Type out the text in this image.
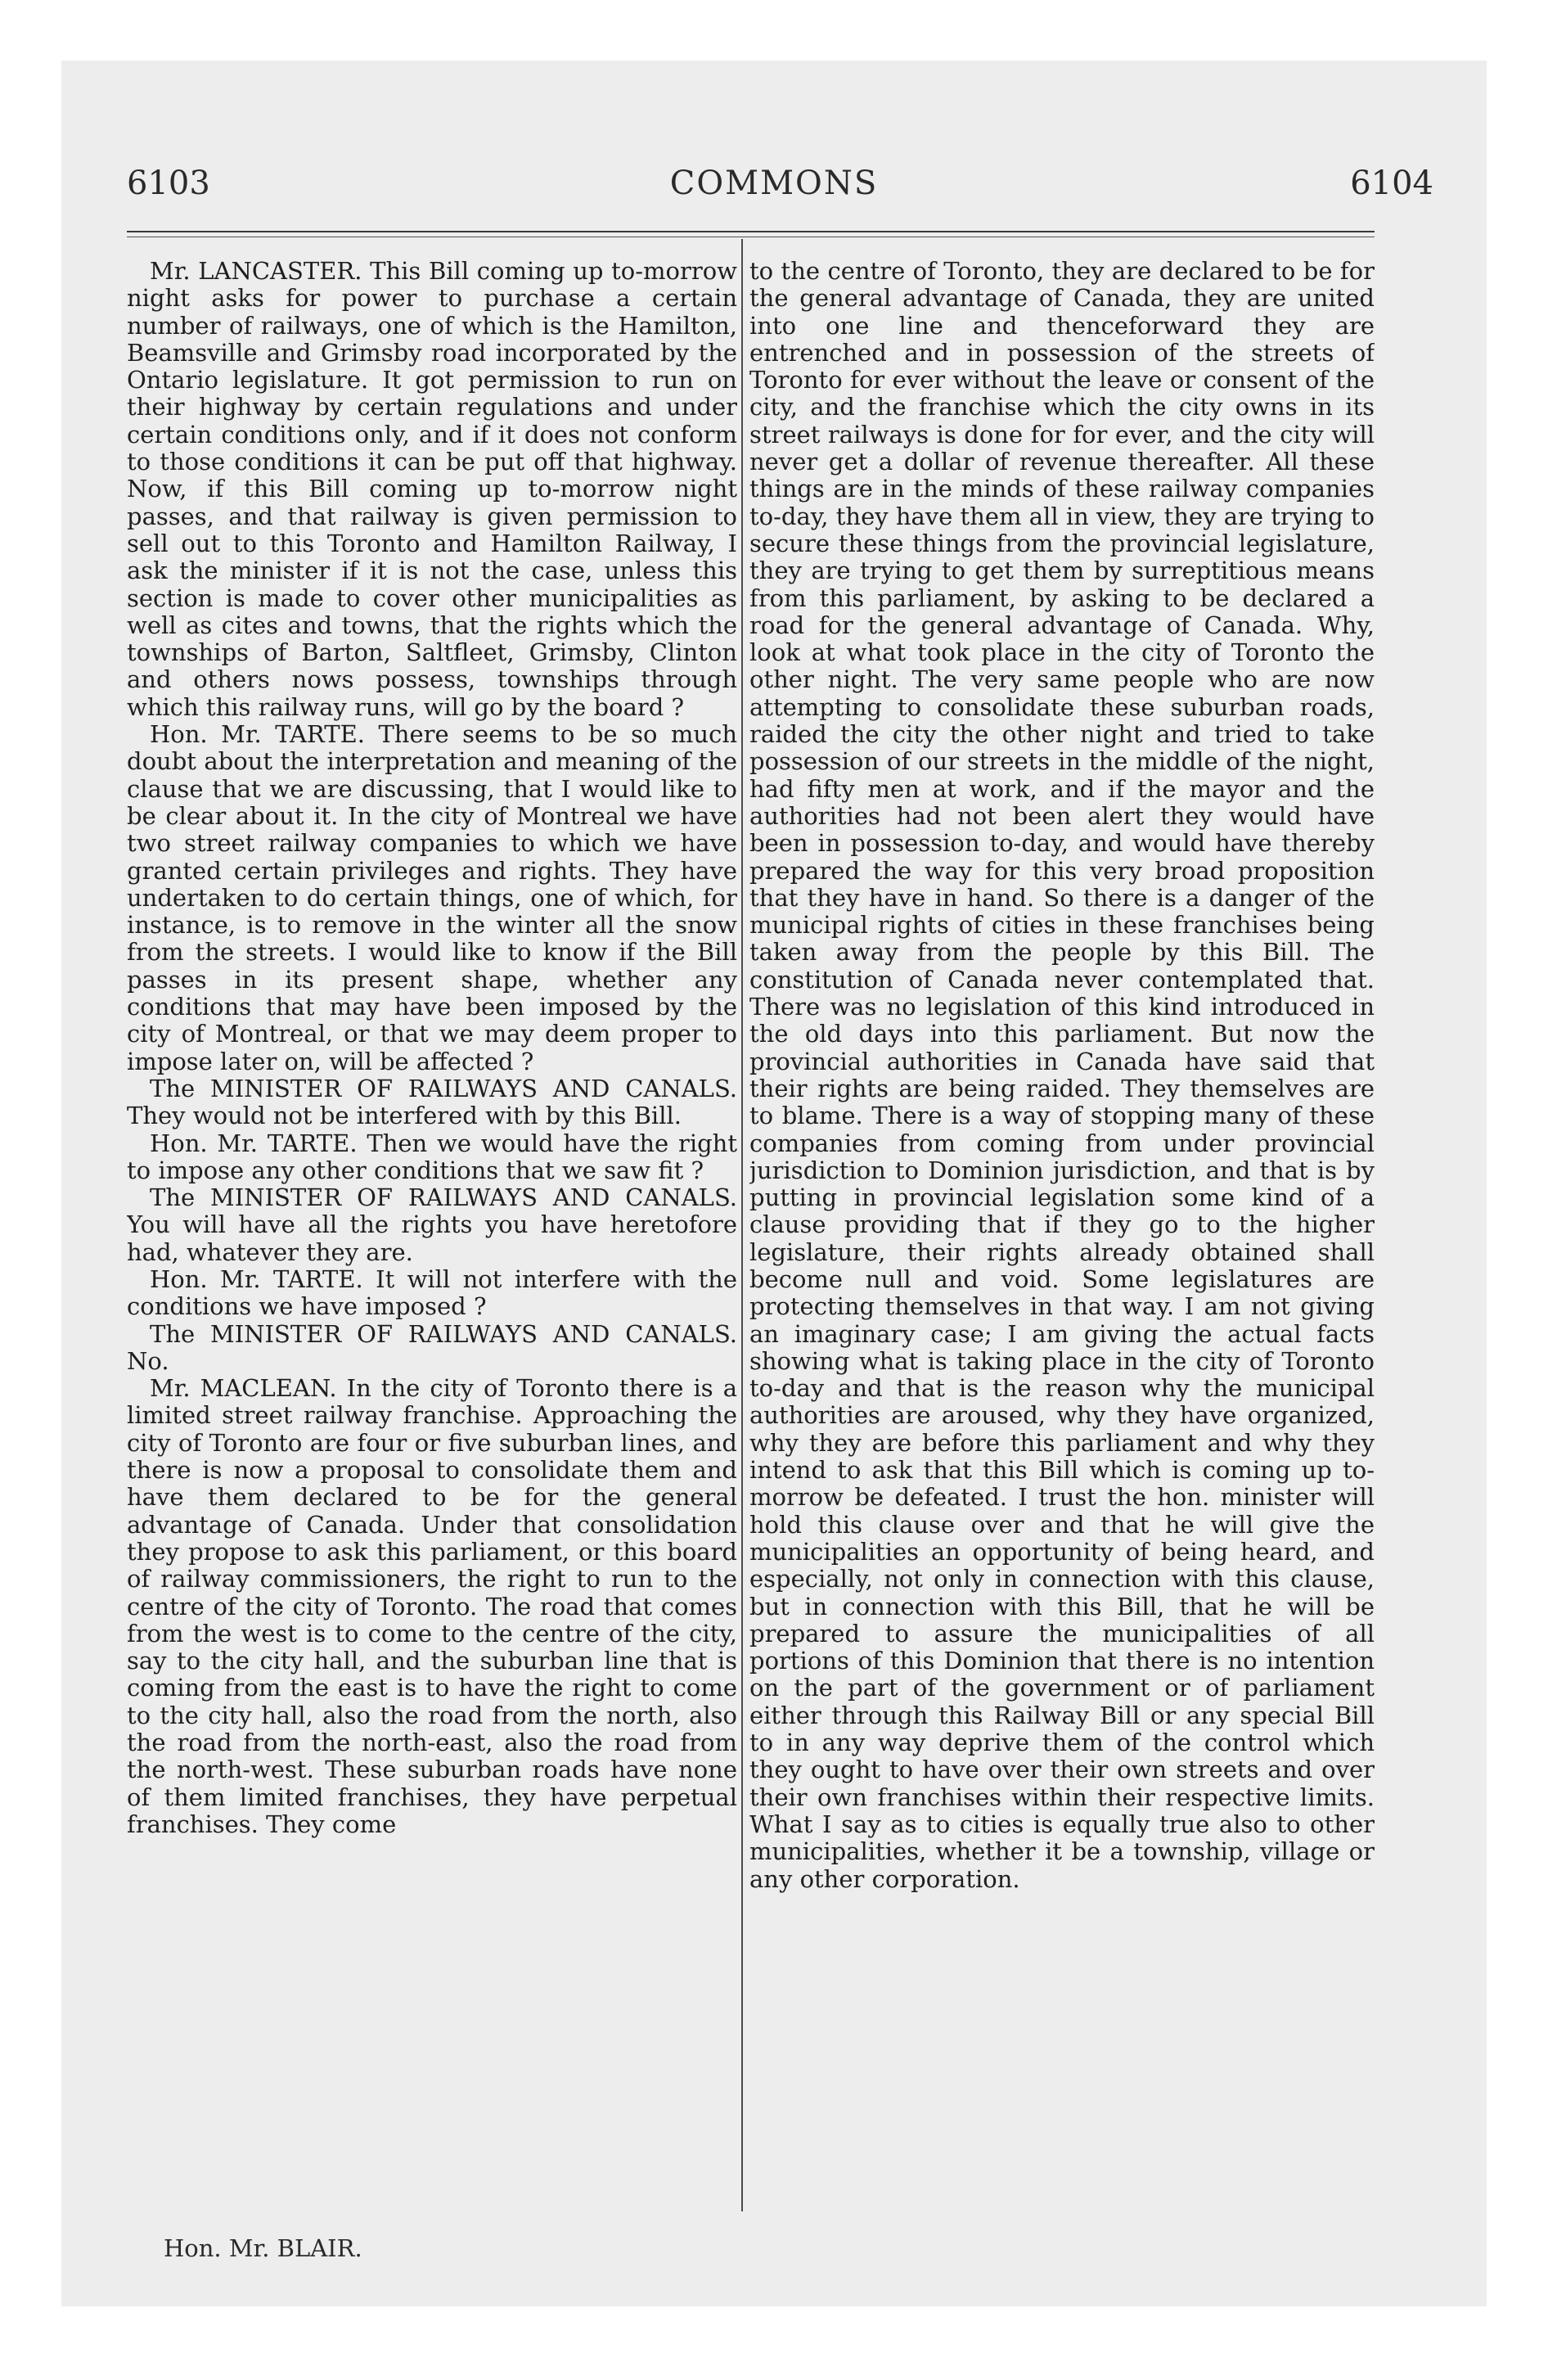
6103	COMMONS	6104

Mr. LANCASTER. This Bill coming up to-morrow night asks for power to purchase a certain number of railways, one of which is the Hamilton, Beamsville and Grimsby road incorporated by the Ontario legislature. It got permission to run on their highway by certain regulations and under certain conditions only, and if it does not conform to those conditions it can be put off that highway. Now, if this Bill coming up to-morrow night passes, and that railway is given permission to sell out to this Toronto and Hamilton Railway, I ask the minister if it is not the case, unless this section is made to cover other municipalities as well as cites and towns, that the rights which the townships of Barton, Saltfleet, Grimsby, Clinton and others nows possess, townships through which this railway runs, will go by the board ?

Hon. Mr. TARTE. There seems to be so much doubt about the interpretation and meaning of the clause that we are discussing, that I would like to be clear about it. In the city of Montreal we have two street railway companies to which we have granted certain privileges and rights. They have undertaken to do certain things, one of which, for instance, is to remove in the winter all the snow from the streets. I would like to know if the Bill passes in its present shape, whether any conditions that may have been imposed by the city of Montreal, or that we may deem proper to impose later on, will be affected ?

The MINISTER OF RAILWAYS AND CANALS. They would not be interfered with by this Bill.

Hon. Mr. TARTE. Then we would have the right to impose any other conditions that we saw fit ?

The MINISTER OF RAILWAYS AND CANALS. You will have all the rights you have heretofore had, whatever they are.

Hon. Mr. TARTE. It will not interfere with the conditions we have imposed ?

The MINISTER OF RAILWAYS AND CANALS. No.

Mr. MACLEAN. In the city of Toronto there is a limited street railway franchise. Approaching the city of Toronto are four or five suburban lines, and there is now a proposal to consolidate them and have them declared to be for the general advantage of Canada. Under that consolidation they propose to ask this parliament, or this board of railway commissioners, the right to run to the centre of the city of Toronto. The road that comes from the west is to come to the centre of the city, say to the city hall, and the suburban line that is coming from the east is to have the right to come to the city hall, also the road from the north, also the road from the north-east, also the road from the north-west. These suburban roads have none of them limited franchises, they have perpetual franchises. They come

to the centre of Toronto, they are declared to be for the general advantage of Canada, they are united into one line and thenceforward they are entrenched and in possession of the streets of Toronto for ever without the leave or consent of the city, and the franchise which the city owns in its street railways is done for for ever, and the city will never get a dollar of revenue thereafter. All these things are in the minds of these railway companies to-day, they have them all in view, they are trying to secure these things from the provincial legislature, they are trying to get them by surreptitious means from this parliament, by asking to be declared a road for the general advantage of Canada. Why, look at what took place in the city of Toronto the other night. The very same people who are now attempting to consolidate these suburban roads, raided the city the other night and tried to take possession of our streets in the middle of the night, had fifty men at work, and if the mayor and the authorities had not been alert they would have been in possession to-day, and would have thereby prepared the way for this very broad proposition that they have in hand. So there is a danger of the municipal rights of cities in these franchises being taken away from the people by this Bill. The constitution of Canada never contemplated that. There was no legislation of this kind introduced in the old days into this parliament. But now the provincial authorities in Canada have said that their rights are being raided. They themselves are to blame. There is a way of stopping many of these companies from coming from under provincial jurisdiction to Dominion jurisdiction, and that is by putting in provincial legislation some kind of a clause providing that if they go to the higher legislature, their rights already obtained shall become null and void. Some legislatures are protecting themselves in that way. I am not giving an imaginary case; I am giving the actual facts showing what is taking place in the city of Toronto to-day and that is the reason why the municipal authorities are aroused, why they have organized, why they are before this parliament and why they intend to ask that this Bill which is coming up to-morrow be defeated. I trust the hon. minister will hold this clause over and that he will give the municipalities an opportunity of being heard, and especially, not only in connection with this clause, but in connection with this Bill, that he will be prepared to assure the municipalities of all portions of this Dominion that there is no intention on the part of the government or of parliament either through this Railway Bill or any special Bill to in any way deprive them of the control which they ought to have over their own streets and over their own franchises within their respective limits. What I say as to cities is equally true also to other municipalities, whether it be a township, village or any other corporation.

Hon. Mr. BLAIR.
